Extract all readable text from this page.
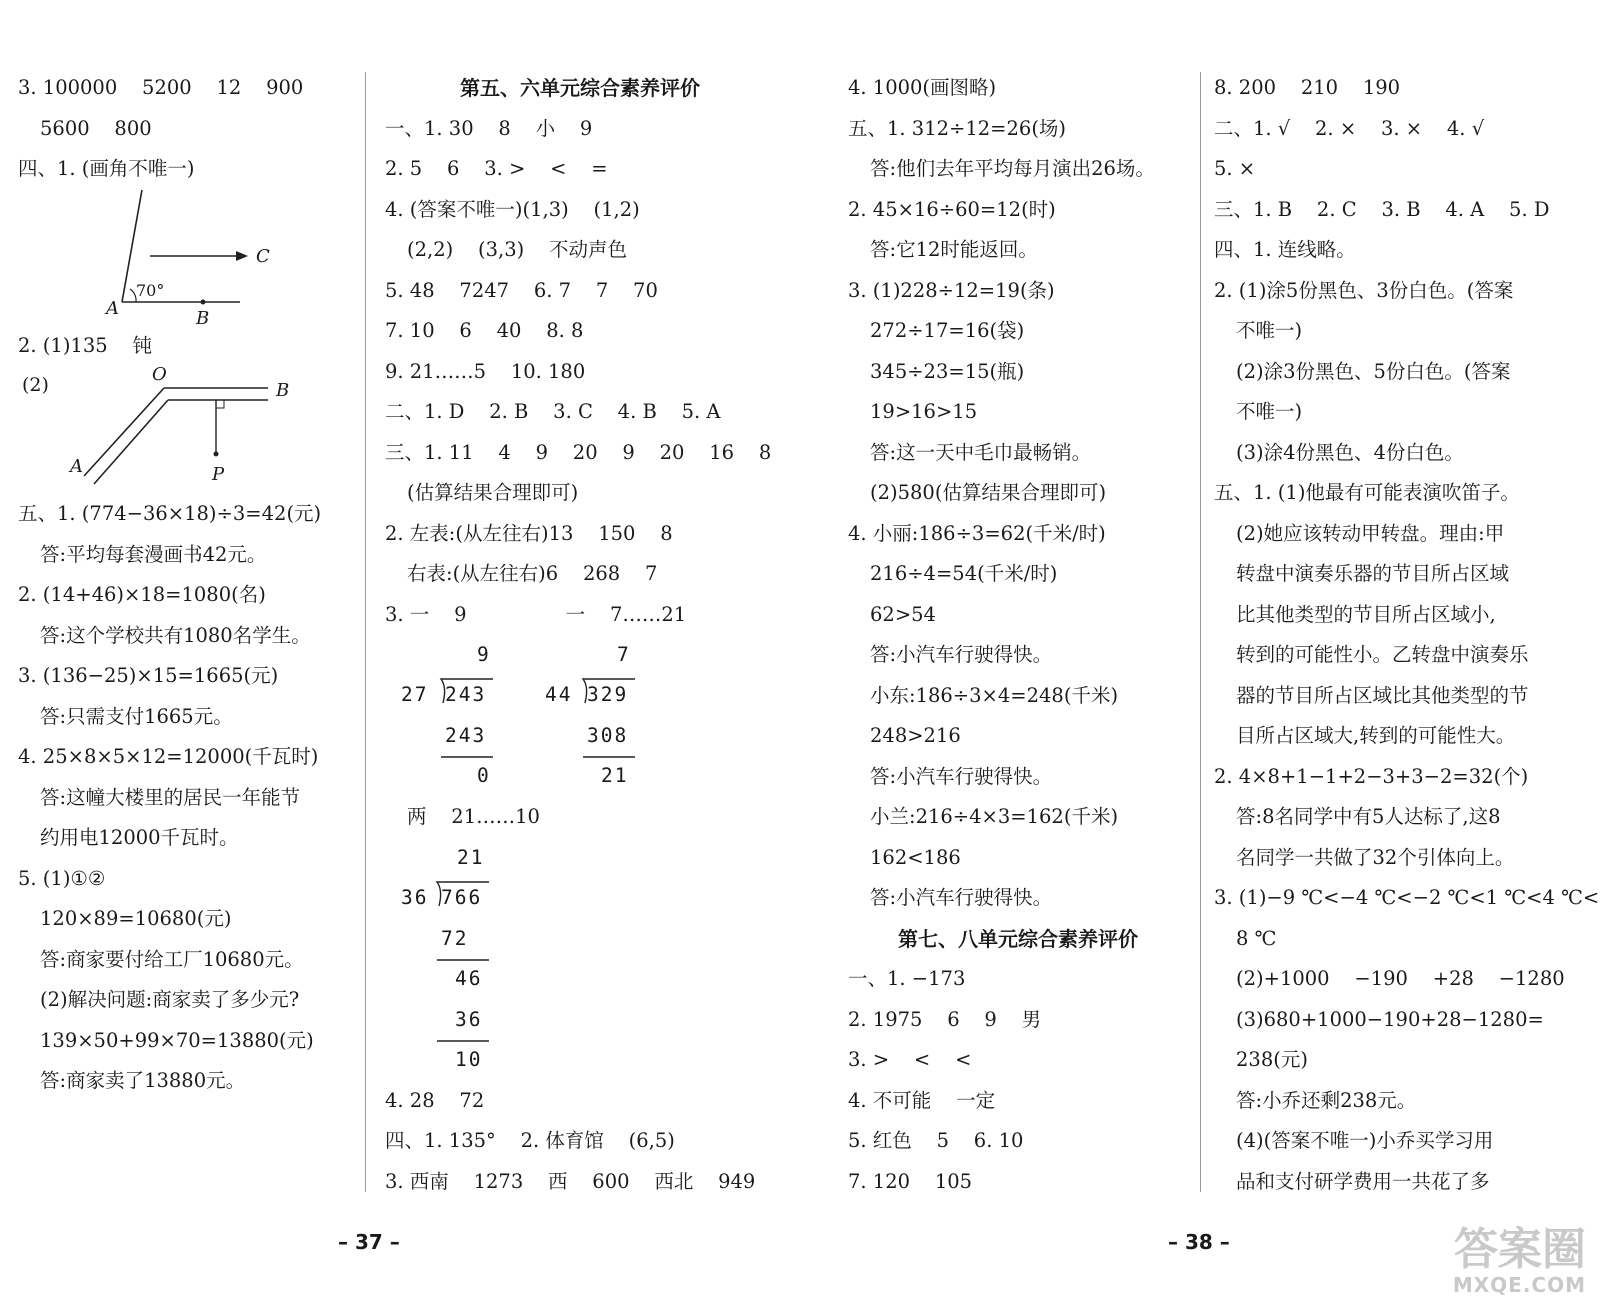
3. 100000    5200    12    900
5600    800
四、1. (画角不唯一)
C
70°
A	B
2. (1)135    钝
(2)	O
B
A	P
五、1. (774−36×18)÷3=42(元)
答:平均每套漫画书42元。
2. (14+46)×18=1080(名)
答:这个学校共有1080名学生。
3. (136−25)×15=1665(元)
答:只需支付1665元。
4. 25×8×5×12=12000(千瓦时)
答:这幢大楼里的居民一年能节
约用电12000千瓦时。
5. (1)①②
120×89=10680(元)
答:商家要付给工厂10680元。
(2)解决问题:商家卖了多少元?
139×50+99×70=13880(元)
答:商家卖了13880元。
第五、六单元综合素养评价
一、1. 30    8    小    9
2. 5    6    3. >    <    =
4. (答案不唯一)(1,3)    (1,2)
(2,2)    (3,3)    不动声色
5. 48    7247    6. 7    7    70
7. 10    6    40    8. 8
9. 21……5    10. 180
二、1. D    2. B    3. C    4. B    5. A
三、1. 11    4    9    20    9    20    16    8
(估算结果合理即可)
2. 左表:(从左往右)13    150    8
右表:(从左往右)6    268    7
3. 一    9                一    7……21
9	7
27 243	44 329
243	308
0	21
两    21……10
21
36 766
72
46
36
10
4. 28    72
四、1. 135°    2. 体育馆    (6,5)
3. 西南    1273    西    600    西北    949
– 37 –
4. 1000(画图略)
五、1. 312÷12=26(场)
答:他们去年平均每月演出26场。
2. 45×16÷60=12(时)
答:它12时能返回。
3. (1)228÷12=19(条)
272÷17=16(袋)
345÷23=15(瓶)
19>16>15
答:这一天中毛巾最畅销。
(2)580(估算结果合理即可)
4. 小丽:186÷3=62(千米/时)
216÷4=54(千米/时)
62>54
答:小汽车行驶得快。
小东:186÷3×4=248(千米)
248>216
答:小汽车行驶得快。
小兰:216÷4×3=162(千米)
162<186
答:小汽车行驶得快。
第七、八单元综合素养评价
一、1. −173
2. 1975    6    9    男
3. >    <    <
4. 不可能    一定
5. 红色    5    6. 10
7. 120    105
8. 200    210    190
二、1. √    2. ×    3. ×    4. √
5. ×
三、1. B    2. C    3. B    4. A    5. D
四、1. 连线略。
2. (1)涂5份黑色、3份白色。(答案
不唯一)
(2)涂3份黑色、5份白色。(答案
不唯一)
(3)涂4份黑色、4份白色。
五、1. (1)他最有可能表演吹笛子。
(2)她应该转动甲转盘。理由:甲
转盘中演奏乐器的节目所占区域
比其他类型的节目所占区域小,
转到的可能性小。乙转盘中演奏乐
器的节目所占区域比其他类型的节
目所占区域大,转到的可能性大。
2. 4×8+1−1+2−3+3−2=32(个)
答:8名同学中有5人达标了,这8
名同学一共做了32个引体向上。
3. (1)−9 ℃<−4 ℃<−2 ℃<1 ℃<4 ℃<
8 ℃
(2)+1000    −190    +28    −1280
(3)680+1000−190+28−1280=
238(元)
答:小乔还剩238元。
(4)(答案不唯一)小乔买学习用
品和支付研学费用一共花了多
– 38 –	答案圈
MXQE.COM
